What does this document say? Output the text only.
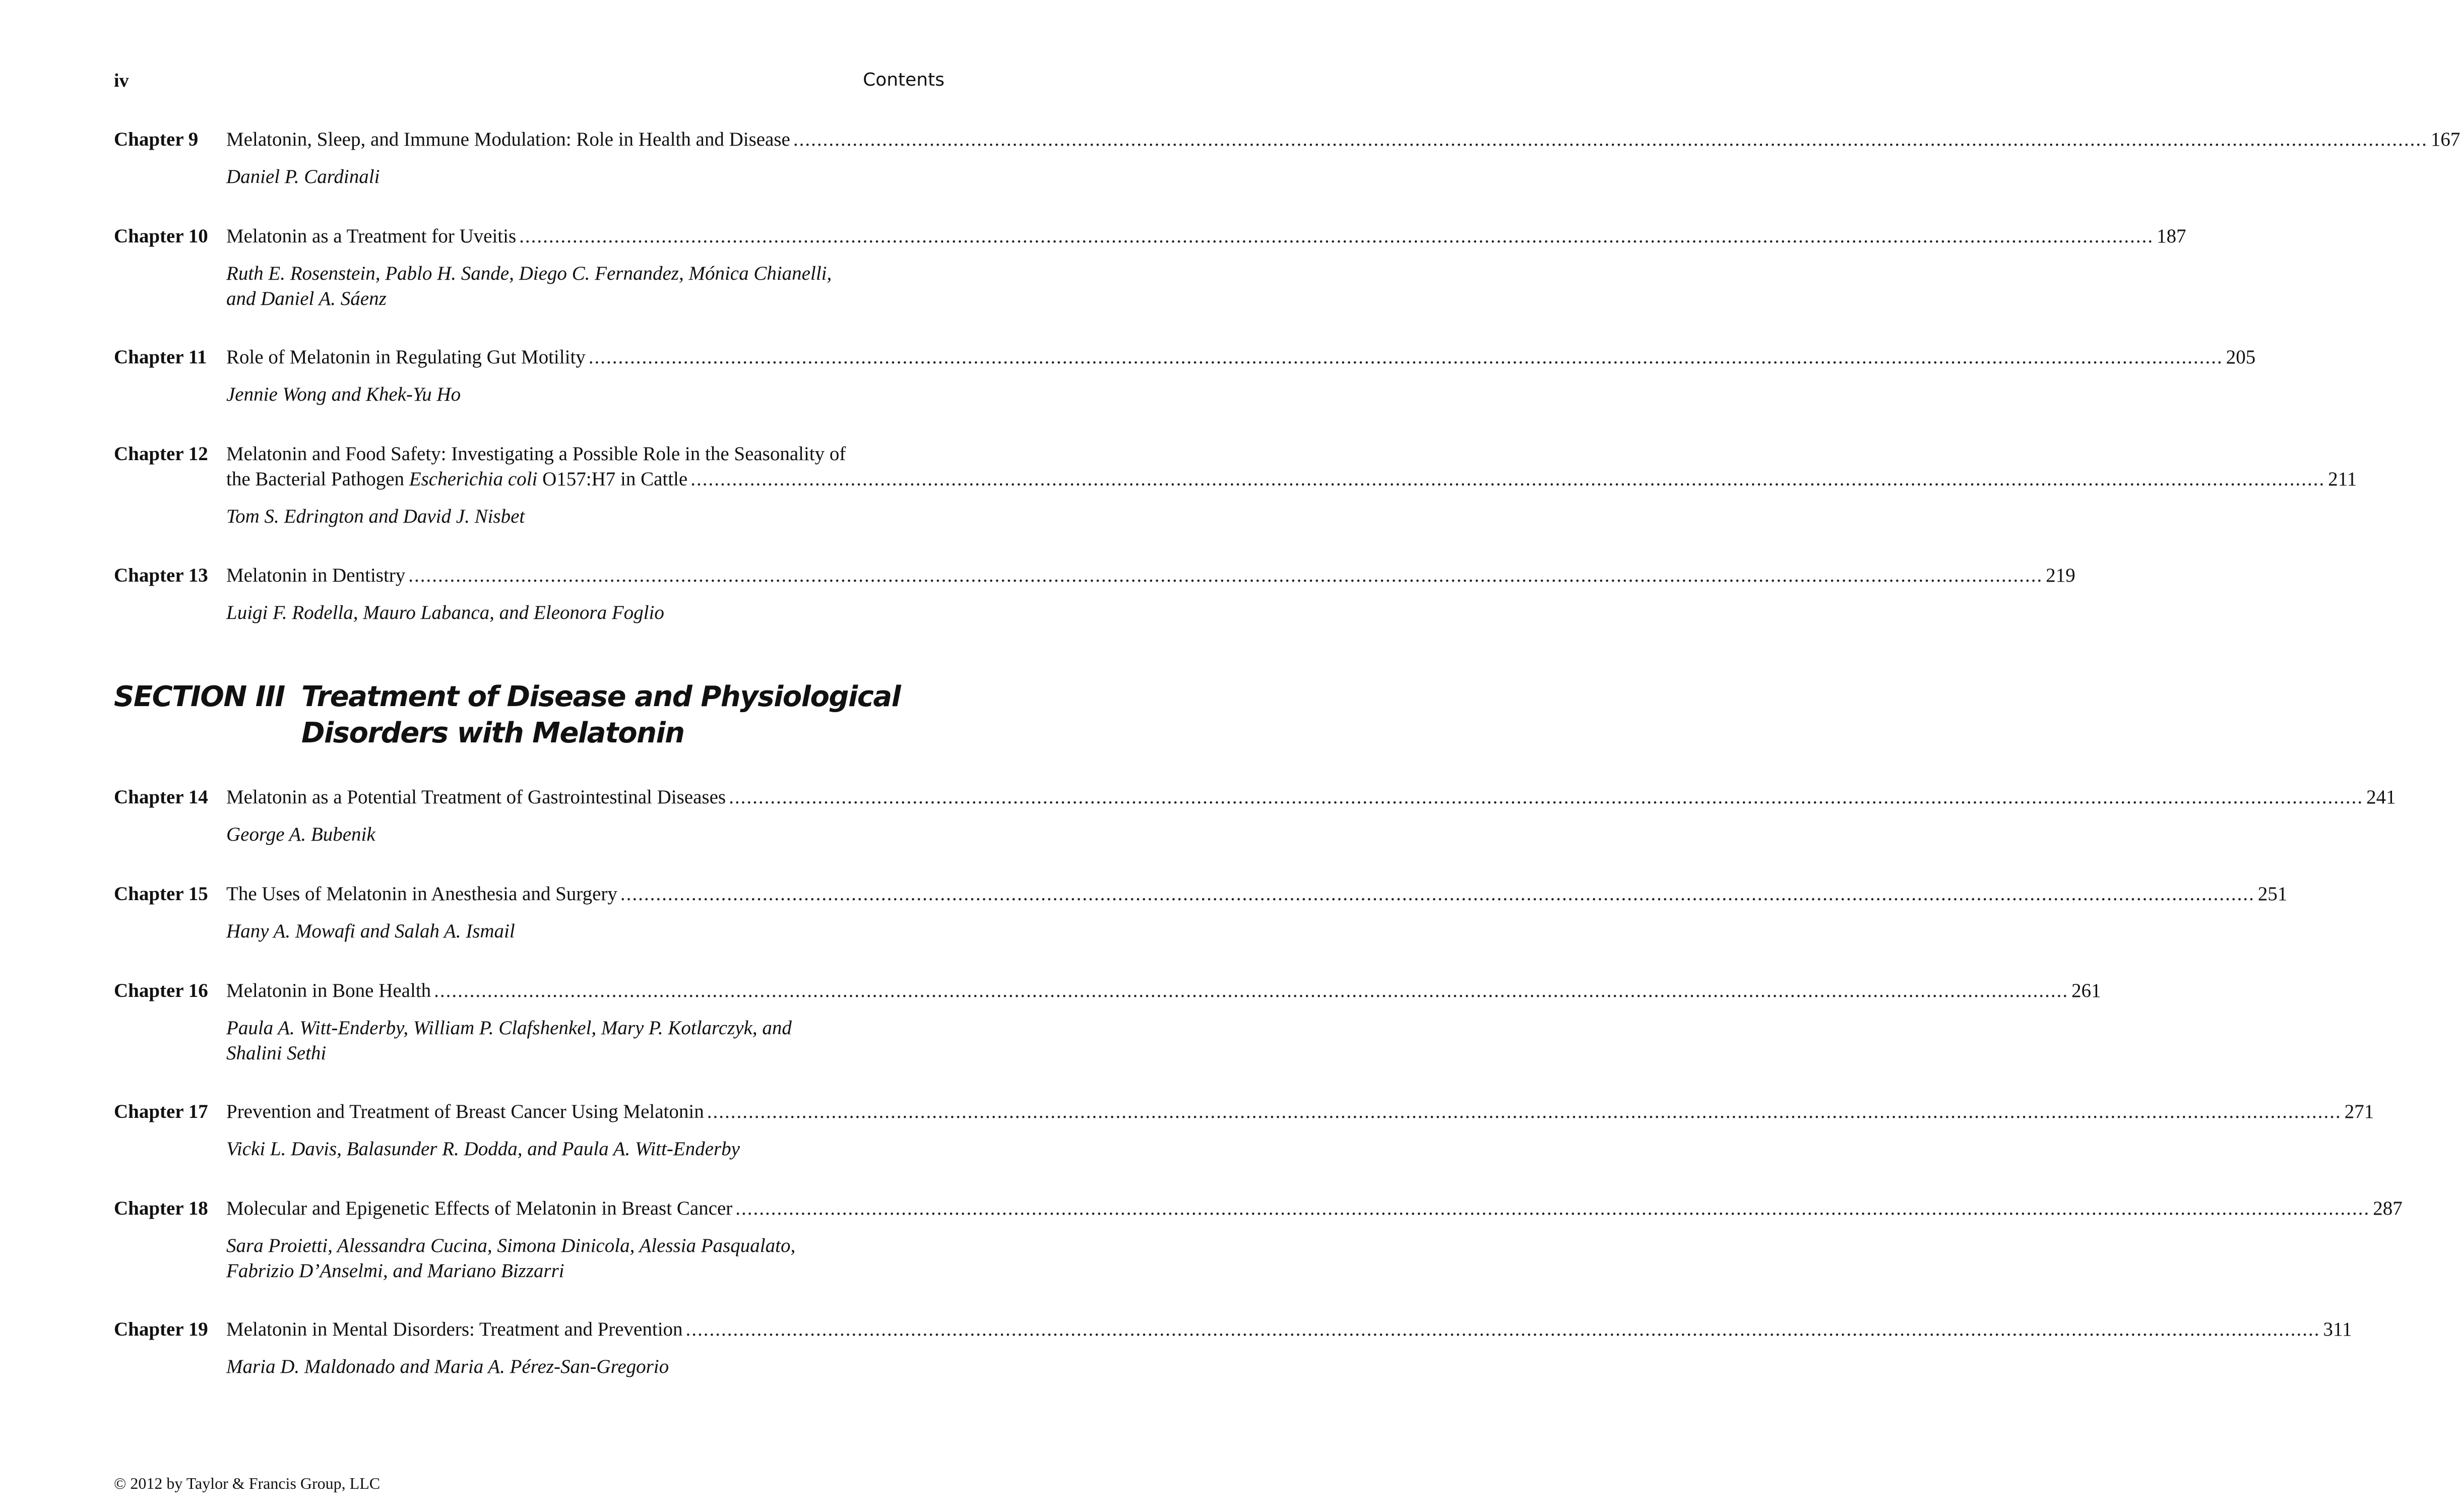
iv	Contents
Chapter 9 Melatonin, Sleep, and Immune Modulation: Role in Health and Disease .................................................................................................................................................................................................................................................................................... 167
Daniel P. Cardinali
Chapter 10 Melatonin as a Treatment for Uveitis .................................................................................................................................................................................................................................................................................... 187
Ruth E. Rosenstein, Pablo H. Sande, Diego C. Fernandez, Mónica Chianelli,
and Daniel A. Sáenz
Chapter 11 Role of Melatonin in Regulating Gut Motility .................................................................................................................................................................................................................................................................................... 205
Jennie Wong and Khek-Yu Ho
Chapter 12 Melatonin and Food Safety: Investigating a Possible Role in the Seasonality of
the Bacterial Pathogen Escherichia coli O157:H7 in Cattle .................................................................................................................................................................................................................................................................................... 211
Tom S. Edrington and David J. Nisbet
Chapter 13 Melatonin in Dentistry .................................................................................................................................................................................................................................................................................... 219
Luigi F. Rodella, Mauro Labanca, and Eleonora Foglio
SECTION III Treatment of Disease and Physiological
Disorders with Melatonin
Chapter 14 Melatonin as a Potential Treatment of Gastrointestinal Diseases .................................................................................................................................................................................................................................................................................... 241
George A. Bubenik
Chapter 15 The Uses of Melatonin in Anesthesia and Surgery .................................................................................................................................................................................................................................................................................... 251
Hany A. Mowafi and Salah A. Ismail
Chapter 16 Melatonin in Bone Health .................................................................................................................................................................................................................................................................................... 261
Paula A. Witt-Enderby, William P. Clafshenkel, Mary P. Kotlarczyk, and
Shalini Sethi
Chapter 17 Prevention and Treatment of Breast Cancer Using Melatonin .................................................................................................................................................................................................................................................................................... 271
Vicki L. Davis, Balasunder R. Dodda, and Paula A. Witt-Enderby
Chapter 18 Molecular and Epigenetic Effects of Melatonin in Breast Cancer .................................................................................................................................................................................................................................................................................... 287
Sara Proietti, Alessandra Cucina, Simona Dinicola, Alessia Pasqualato,
Fabrizio D’Anselmi, and Mariano Bizzarri
Chapter 19 Melatonin in Mental Disorders: Treatment and Prevention .................................................................................................................................................................................................................................................................................... 311
Maria D. Maldonado and Maria A. Pérez-San-Gregorio
© 2012 by Taylor & Francis Group, LLC
